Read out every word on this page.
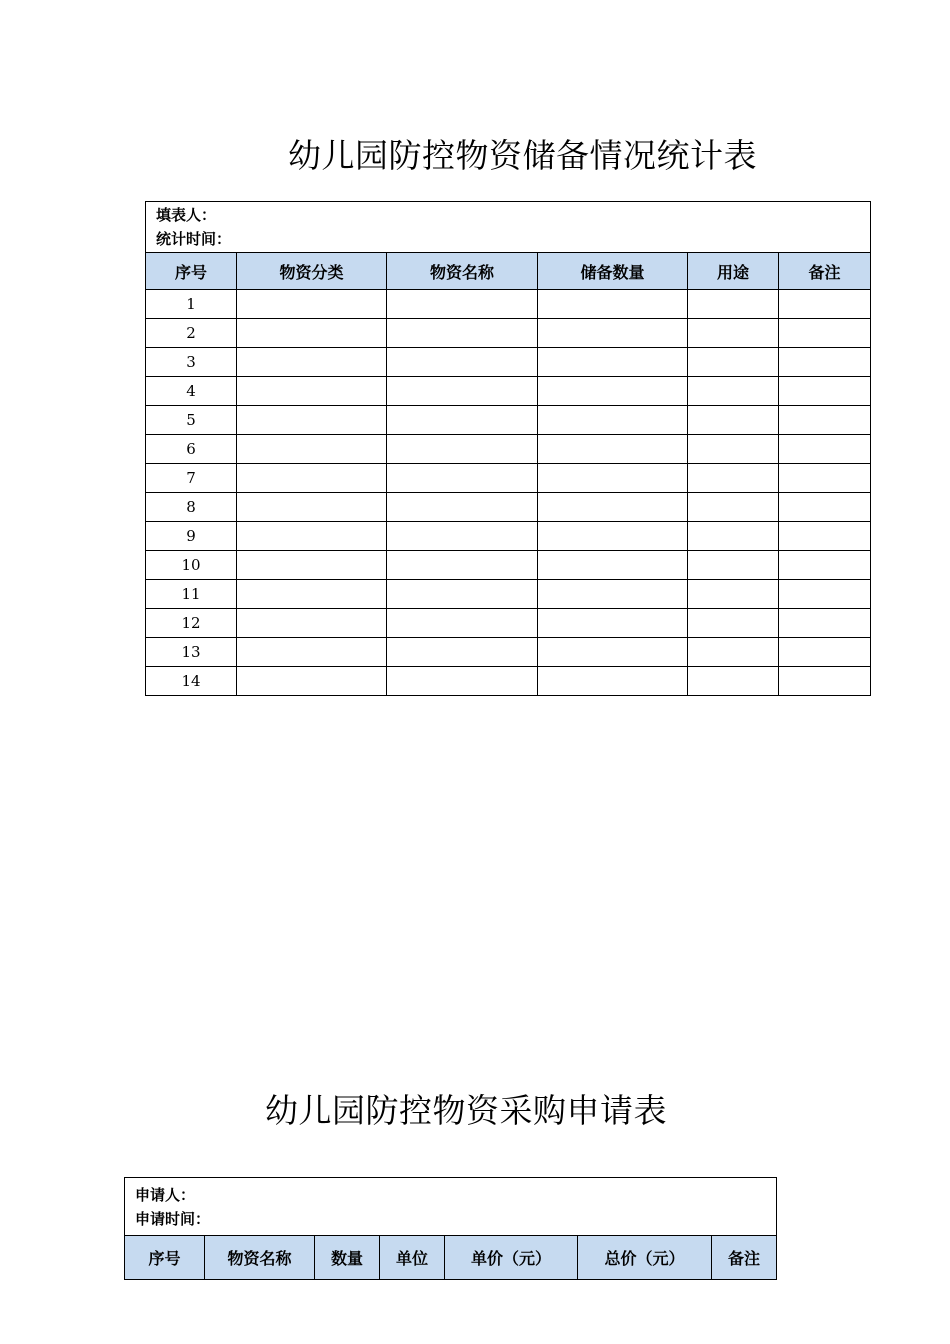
幼儿园防控物资储备情况统计表
填表人：
统计时间：					

序号	物资分类	物资名称	储备数量	用途	备注
1					
2					
3					
4					
5					
6					
7					
8					
9					
10					
11					
12					
13					
14					
幼儿园防控物资采购申请表
申请人：
申请时间：

序号	物资名称	数量	单位	单价（元）	总价（元）	备注
